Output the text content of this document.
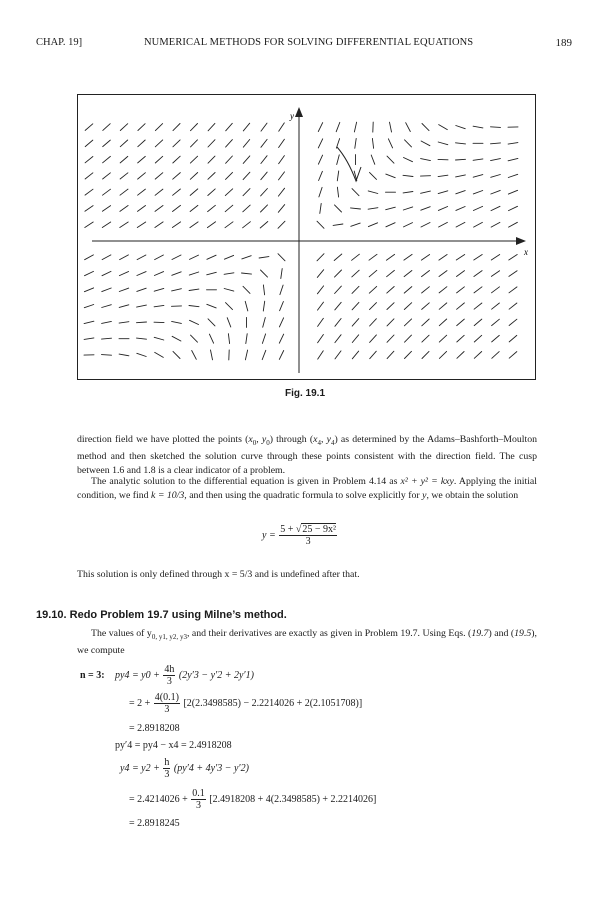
CHAP. 19]	NUMERICAL METHODS FOR SOLVING DIFFERENTIAL EQUATIONS	189
x
y
Fig. 19.1
direction field we have plotted the points ($x_0$, $y_0$) through ($x_4$, $y_4$) as determined by the Adams–Bashforth–Moulton method and then sketched the solution curve through these points consistent with the direction field. The cusp between 1.6 and 1.8 is a clear indicator of a problem.
The analytic solution to the differential equation is given in Problem 4.14 as x² + y² = kxy. Applying the initial condition, we find k = 10/3, and then using the quadratic formula to solve explicitly for y, we obtain the solution
$y = \frac{\text{5 + √25 − 9x²}}{3}$
This solution is only defined through x = 5/3 and is undefined after that.
19.10. Redo Problem 19.7 using Milne’s method.
The values of $y_{0, y1, y2, y3}$, and their derivatives are exactly as given in Problem 19.7. Using Eqs. (19.7) and (19.5), we compute
n = 3: $py4 = y0 + \frac{4h}{3} (2y'3 - y'2 + 2y'1)$
= $2 + \frac{4(0.1)}{3} [2(2.3498585) - 2.2214026 + 2(2.1051708)]$
= 2.8918208
py′4 = py4 − x4 = 2.4918208
$y4 = y2 + \frac{h}{3} (py'4 + 4y'3 - y'2)$
= $2.4214026 + \frac{0.1}{3} [2.4918208 + 4(2.3498585) + 2.2214026]$
= 2.8918245
